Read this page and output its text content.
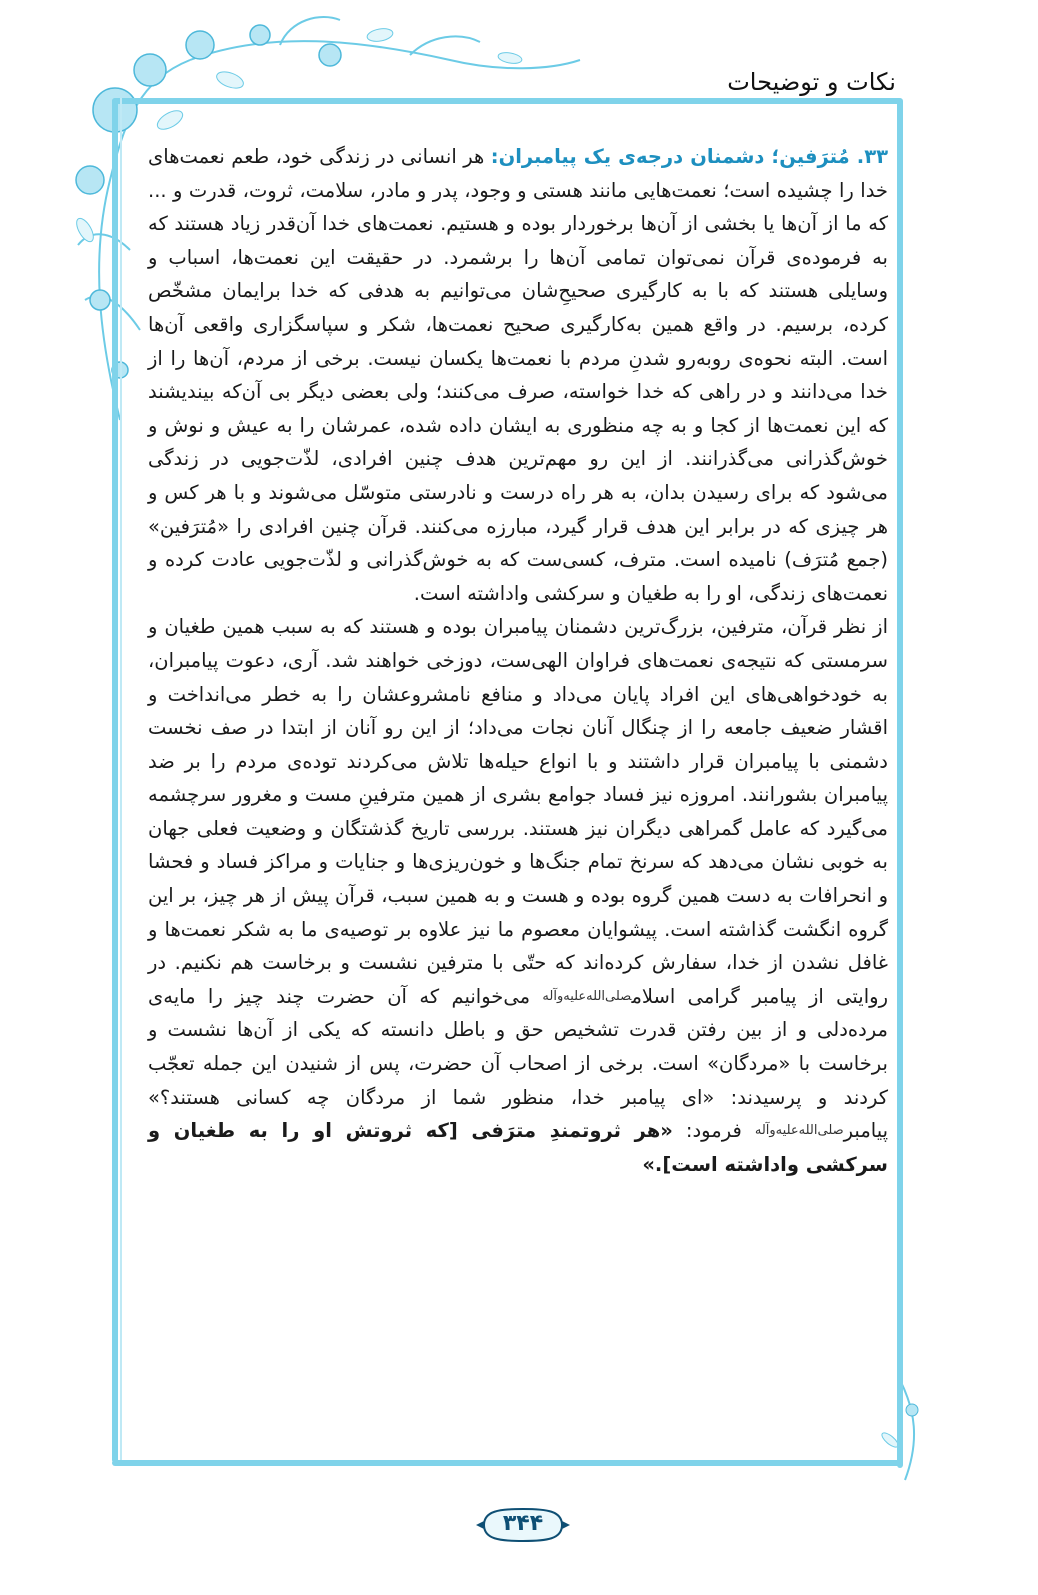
نکات و توضیحات

۳۳. مُترَفین؛ دشمنان درجه‌ی یک پیامبران: هر انسانی در زندگی خود، طعم نعمت‌های خدا را چشیده است؛ نعمت‌هایی مانند هستی و وجود، پدر و مادر، سلامت، ثروت، قدرت و ... که ما از آن‌ها یا بخشی از آن‌ها برخوردار بوده و هستیم. نعمت‌های خدا آن‌قدر زیاد هستند که به فرموده‌ی قرآن نمی‌توان تمامی آن‌ها را برشمرد. در حقیقت این نعمت‌ها، اسباب و وسایلی هستند که با به کارگیری صحیحِ‌شان می‌توانیم به هدفی که خدا برایمان مشخّص کرده، برسیم. در واقع همین به‌کارگیری صحیح نعمت‌ها، شکر و سپاسگزاری واقعی آن‌ها است. البته نحوه‌ی روبه‌رو شدنِ مردم با نعمت‌ها یکسان نیست. برخی از مردم، آن‌ها را از خدا می‌دانند و در راهی که خدا خواسته، صرف می‌کنند؛ ولی بعضی دیگر بی آن‌که بیندیشند که این نعمت‌ها از کجا و به چه منظوری به ایشان داده شده، عمرشان را به عیش و نوش و خوش‌گذرانی می‌گذرانند. از این رو مهم‌ترین هدف چنین افرادی، لذّت‌جویی در زندگی می‌شود که برای رسیدن بدان، به هر راه درست و نادرستی متوسّل می‌شوند و با هر کس و هر چیزی که در برابر این هدف قرار گیرد، مبارزه می‌کنند. قرآن چنین افرادی را «مُترَفین» (جمع مُترَف) نامیده است. مترف، کسی‌ست که به خوش‌گذرانی و لذّت‌جویی عادت کرده و نعمت‌های زندگی، او را به طغیان و سرکشی واداشته است.

از نظر قرآن، مترفین، بزرگ‌ترین دشمنان پیامبران بوده و هستند که به سبب همین طغیان و سرمستی که نتیجه‌ی نعمت‌های فراوان الهی‌ست، دوزخی خواهند شد. آری، دعوت پیامبران، به خودخواهی‌های این افراد پایان می‌داد و منافع نامشروعشان را به خطر می‌انداخت و اقشار ضعیف جامعه را از چنگال آنان نجات می‌داد؛ از این رو آنان از ابتدا در صف نخست دشمنی با پیامبران قرار داشتند و با انواع حیله‌ها تلاش می‌کردند توده‌ی مردم را بر ضد پیامبران بشورانند. امروزه نیز فساد جوامع بشری از همین مترفینِ مست و مغرور سرچشمه می‌گیرد که عامل گمراهی دیگران نیز هستند. بررسی تاریخ گذشتگان و وضعیت فعلی جهان به خوبی نشان می‌دهد که سرنخ تمام جنگ‌ها و خون‌ریزی‌ها و جنایات و مراکز فساد و فحشا و انحرافات به دست همین گروه بوده و هست و به همین سبب، قرآن پیش از هر چیز، بر این گروه انگشت گذاشته است. پیشوایان معصوم ما نیز علاوه بر توصیه‌ی ما به شکر نعمت‌ها و غافل نشدن از خدا، سفارش کرده‌اند که حتّی با مترفین نشست و برخاست هم نکنیم. در روایتی از پیامبر گرامی اسلام$^{صلی‌الله‌علیه‌وآله}$ می‌خوانیم که آن حضرت چند چیز را مایه‌ی مرده‌دلی و از بین رفتن قدرت تشخیص حق و باطل دانسته که یکی از آن‌ها نشست و برخاست با «مردگان» است. برخی از اصحاب آن حضرت، پس از شنیدن این جمله تعجّب کردند و پرسیدند: «ای پیامبر خدا، منظور شما از مردگان چه کسانی هستند؟» پیامبر$^{صلی‌الله‌علیه‌وآله}$ فرمود: «هر ثروتمندِ مترَفی [که ثروتش او را به طغیان و سرکشی واداشته است].»

۳۴۴
